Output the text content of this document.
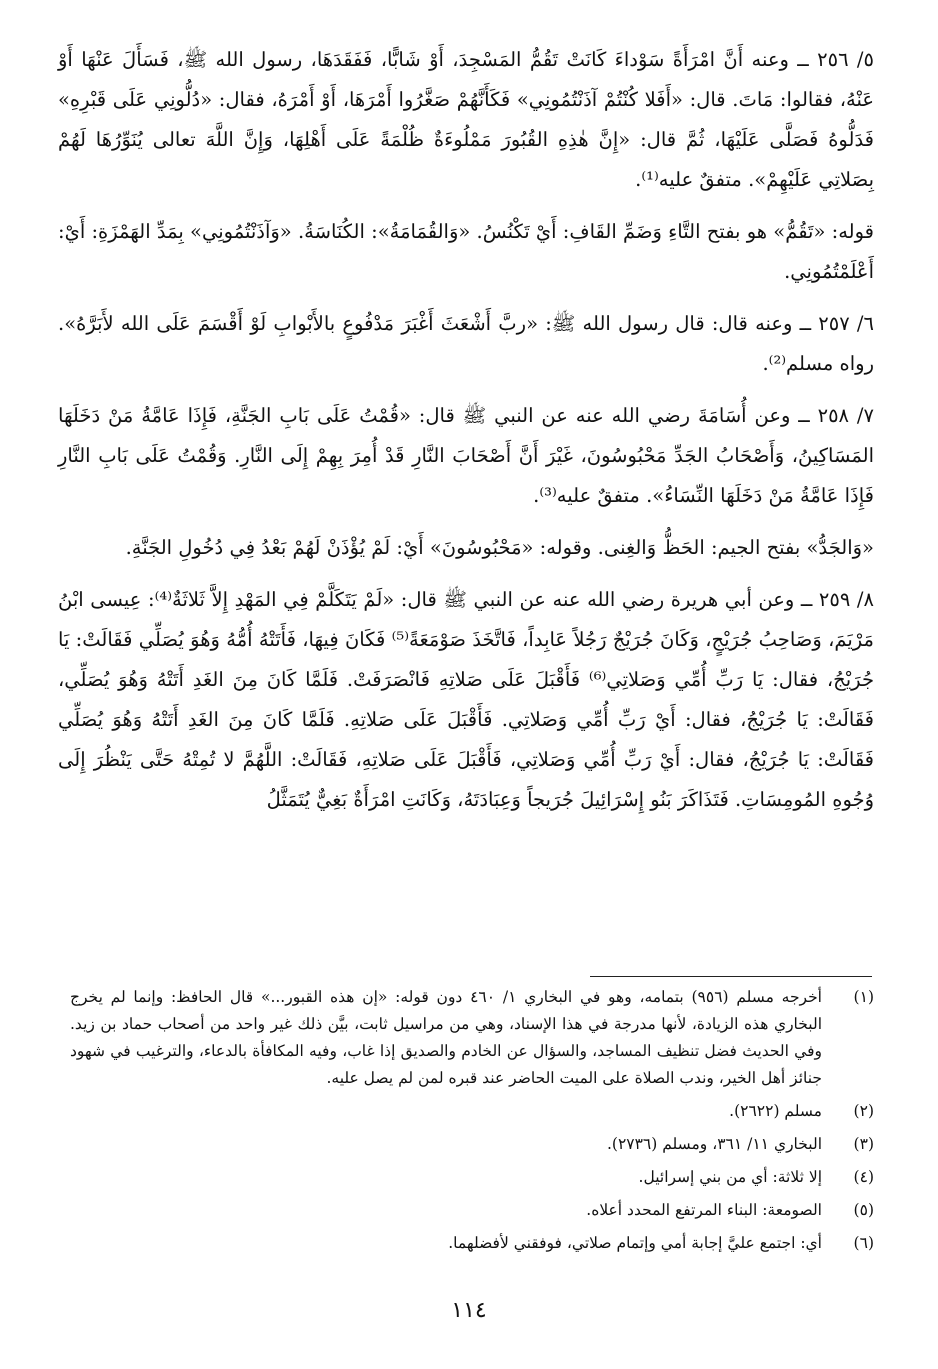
٥/ ٢٥٦ ــ وعنه أَنَّ امْرَأَةً سَوْداءَ كَانَتْ تَقُمُّ المَسْجِدَ، أَوْ شَابًّا، فَفَقَدَهَا، رسول الله ﷺ، فَسَأَلَ عَنْهَا أَوْ عَنْهُ، فقالوا: مَاتَ. قال: «أَفَلا كُنْتُمْ آذَنْتُمُونِي» فَكَأَنَّهُمْ صَغَّرُوا أَمْرَهَا، أَوْ أَمْرَهُ، فقال: «دُلُّونِي عَلَى قَبْرِهِ» فَدَلُّوهُ فَصَلَّى عَلَيْهَا، ثُمَّ قال: «إِنَّ هٰذِهِ القُبُورَ مَمْلُوءَةٌ ظُلْمَةً عَلَى أَهْلِهَا، وَإِنَّ اللَّهَ تعالى يُنَوِّرُهَا لَهُمْ بِصَلاتِي عَلَيْهِمْ». متفقٌ عليه⁽¹⁾.

قوله: «تَقُمُّ» هو بفتح التَّاءِ وَضَمِّ القَافِ: أَيْ تَكْنُسُ. «وَالقُمَامَةُ»: الكُنَاسَةُ. «وَآذَنْتُمُونِي» بِمَدِّ الهَمْزَةِ: أَيْ: أَعْلَمْتُمُونِي.

٦/ ٢٥٧ ــ وعنه قال: قال رسول الله ﷺ: «ربَّ أَشْعَثَ أَغْبَرَ مَدْفُوعٍ بالأَبْوابِ لَوْ أَقْسَمَ عَلَى الله لأَبَرَّهُ». رواه مسلم⁽²⁾.

٧/ ٢٥٨ ــ وعن أُسَامَةَ رضي الله عنه عن النبي ﷺ قال: «قُمْتُ عَلَى بَابِ الجَنَّةِ، فَإِذَا عَامَّةُ مَنْ دَخَلَهَا المَسَاكِينُ، وَأَصْحَابُ الجَدِّ مَحْبُوسُونَ، غَيْرَ أَنَّ أَصْحَابَ النَّارِ قَدْ أُمِرَ بِهِمْ إِلَى النَّارِ. وَقُمْتُ عَلَى بَابِ النَّارِ فَإِذَا عَامَّةُ مَنْ دَخَلَهَا النِّسَاءُ». متفقٌ عليه⁽³⁾.

«وَالجَدُّ» بفتح الجيم: الحَظُّ وَالغِنى. وقوله: «مَحْبُوسُونَ» أَيْ: لَمْ يُؤْذَنْ لَهُمْ بَعْدُ فِي دُخُولِ الجَنَّةِ.

٨/ ٢٥٩ ــ وعن أبي هريرة رضي الله عنه عن النبي ﷺ قال: «لَمْ يَتَكَلَّمْ فِي المَهْدِ إِلاَّ ثَلاثَةٌ⁽⁴⁾: عِيسى ابْنُ مَرْيَمَ، وَصَاحِبُ جُرَيْجٍ، وَكَانَ جُرَيْجٌ رَجُلاً عَابِداً، فَاتَّخَذَ صَوْمَعَةً⁽⁵⁾ فَكَانَ فِيهَا، فَأَتَتْهُ أُمُّهُ وَهُوَ يُصَلِّي فَقَالَتْ: يَا جُرَيْجُ، فقال: يَا رَبِّ أُمِّي وَصَلاتِي⁽⁶⁾ فَأَقْبَلَ عَلَى صَلاتِهِ فَانْصَرَفَتْ. فَلَمَّا كَانَ مِنَ الغَدِ أَتَتْهُ وَهُوَ يُصَلِّي، فَقَالَتْ: يَا جُرَيْجُ، فقال: أَيْ رَبِّ أُمِّي وَصَلاتِي. فَأَقْبَلَ عَلَى صَلاتِهِ. فَلَمَّا كَانَ مِنَ الغَدِ أَتَتْهُ وَهُوَ يُصَلِّي فَقَالَتْ: يَا جُرَيْجُ، فقال: أَيْ رَبِّ أُمِّي وَصَلاتِي، فَأَقْبَلَ عَلَى صَلاتِهِ، فَقَالَتْ: اللَّهُمَّ لا تُمِتْهُ حَتَّى يَنْظُرَ إِلَى وُجُوهِ المُومِسَاتِ. فَتَذَاكَرَ بَنُو إِسْرَائِيلَ جُرَيجاً وَعِبَادَتَهُ، وَكَانَتِ امْرَأَةٌ بَغِيٌّ يُتَمَثَّلُ

(١)
أخرجه مسلم (٩٥٦) بتمامه، وهو في البخاري ١/ ٤٦٠ دون قوله: «إن هذه القبور...» قال الحافظ: وإنما لم يخرج البخاري هذه الزيادة، لأنها مدرجة في هذا الإسناد، وهي من مراسيل ثابت، بيَّن ذلك غير واحد من أصحاب حماد بن زيد. وفي الحديث فضل تنظيف المساجد، والسؤال عن الخادم والصديق إذا غاب، وفيه المكافأة بالدعاء، والترغيب في شهود جنائز أهل الخير، وندب الصلاة على الميت الحاضر عند قبره لمن لم يصل عليه.
(٢)
مسلم (٢٦٢٢).
(٣)
البخاري ١١/ ٣٦١، ومسلم (٢٧٣٦).
(٤)
إلا ثلاثة: أي من بني إسرائيل.
(٥)
الصومعة: البناء المرتفع المحدد أعلاه.
(٦)
أي: اجتمع عليَّ إجابة أمي وإتمام صلاتي، فوفقني لأفضلهما.
١١٤
